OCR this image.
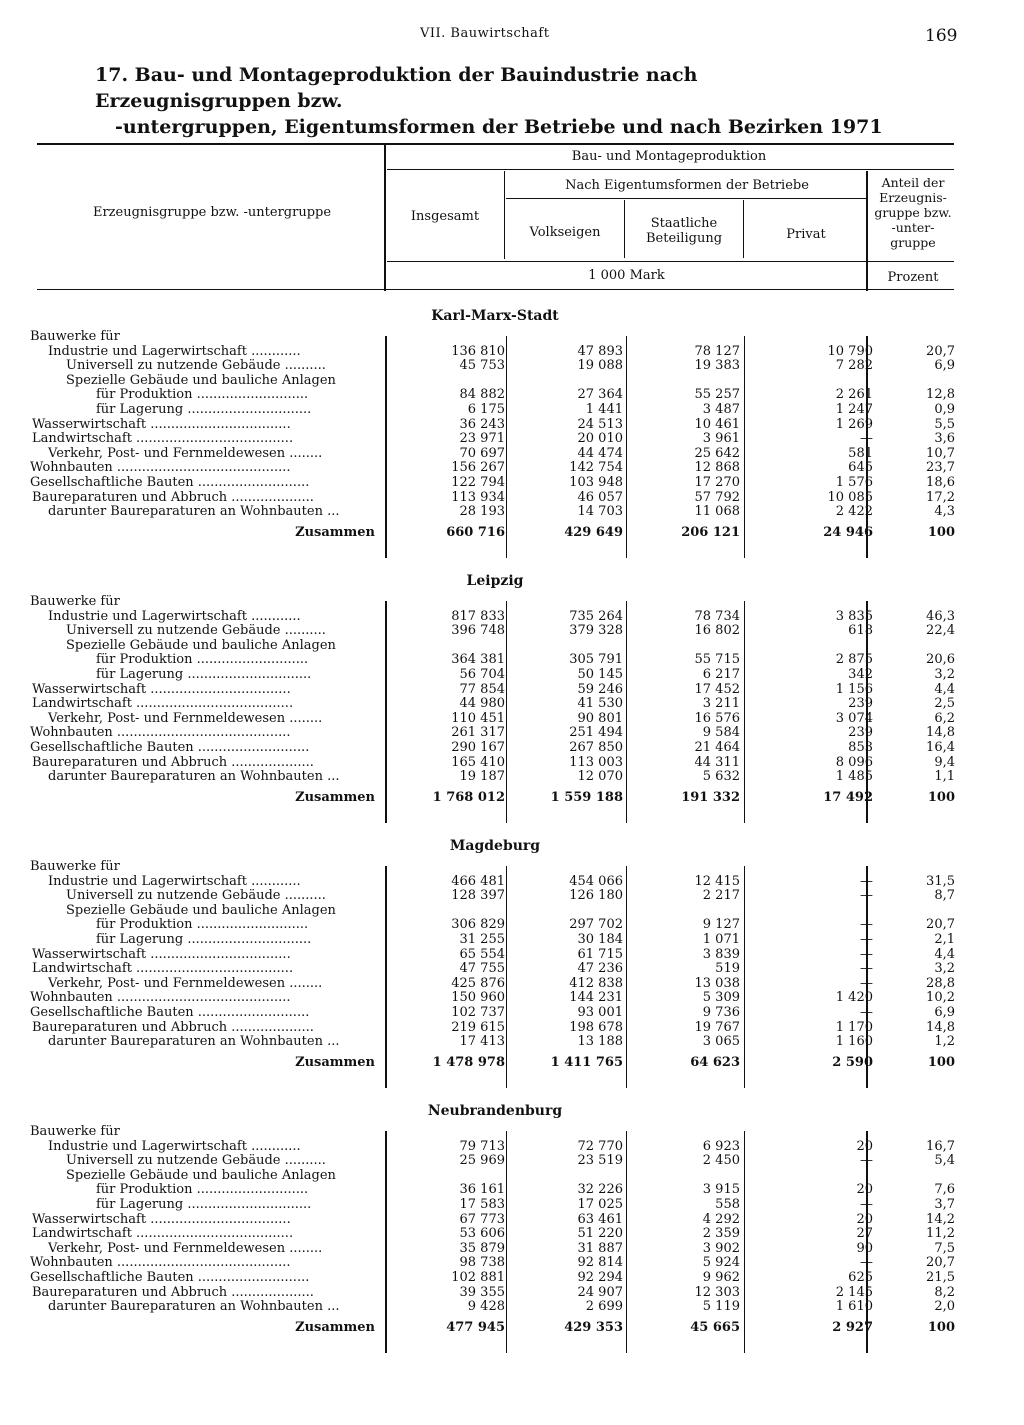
VII. Bauwirtschaft	169
17. Bau- und Montageproduktion der Bauindustrie nach Erzeugnisgruppen bzw.
-untergruppen, Eigentumsformen der Betriebe und nach Bezirken 1971
Erzeugnisgruppe bzw. -untergruppe
Bau- und Montageproduktion
Insgesamt
Nach Eigentumsformen der Betriebe
Volkseigen
Staatliche Beteiligung	Privat
Anteil der Erzeugnis- gruppe bzw. -unter- gruppe
1 000 Mark	Prozent
Karl-Marx-Stadt
Bauwerke für
Industrie und Lagerwirtschaft ............	136 810	47 893	78 127	10 790	20,7
Universell zu nutzende Gebäude ..........	45 753	19 088	19 383	7 282	6,9
Spezielle Gebäude und bauliche Anlagen
für Produktion ...........................	84 882	27 364	55 257	2 261	12,8
für Lagerung ..............................	6 175	1 441	3 487	1 247	0,9
Wasserwirtschaft ..................................	36 243	24 513	10 461	1 269	5,5
Landwirtschaft ......................................	23 971	20 010	3 961	—	3,6
Verkehr, Post- und Fernmeldewesen ........	70 697	44 474	25 642	581	10,7
Wohnbauten ..........................................	156 267	142 754	12 868	645	23,7
Gesellschaftliche Bauten ...........................	122 794	103 948	17 270	1 576	18,6
Baureparaturen und Abbruch ....................	113 934	46 057	57 792	10 085	17,2
darunter Baureparaturen an Wohnbauten ...	28 193	14 703	11 068	2 422	4,3
Zusammen	660 716	429 649	206 121	24 946	100
Leipzig
Bauwerke für
Industrie und Lagerwirtschaft ............	817 833	735 264	78 734	3 835	46,3
Universell zu nutzende Gebäude ..........	396 748	379 328	16 802	618	22,4
Spezielle Gebäude und bauliche Anlagen
für Produktion ...........................	364 381	305 791	55 715	2 875	20,6
für Lagerung ..............................	56 704	50 145	6 217	342	3,2
Wasserwirtschaft ..................................	77 854	59 246	17 452	1 156	4,4
Landwirtschaft ......................................	44 980	41 530	3 211	239	2,5
Verkehr, Post- und Fernmeldewesen ........	110 451	90 801	16 576	3 074	6,2
Wohnbauten ..........................................	261 317	251 494	9 584	239	14,8
Gesellschaftliche Bauten ...........................	290 167	267 850	21 464	853	16,4
Baureparaturen und Abbruch ....................	165 410	113 003	44 311	8 096	9,4
darunter Baureparaturen an Wohnbauten ...	19 187	12 070	5 632	1 485	1,1
Zusammen	1 768 012	1 559 188	191 332	17 492	100
Magdeburg
Bauwerke für
Industrie und Lagerwirtschaft ............	466 481	454 066	12 415	—	31,5
Universell zu nutzende Gebäude ..........	128 397	126 180	2 217	—	8,7
Spezielle Gebäude und bauliche Anlagen
für Produktion ...........................	306 829	297 702	9 127	—	20,7
für Lagerung ..............................	31 255	30 184	1 071	—	2,1
Wasserwirtschaft ..................................	65 554	61 715	3 839	—	4,4
Landwirtschaft ......................................	47 755	47 236	519	—	3,2
Verkehr, Post- und Fernmeldewesen ........	425 876	412 838	13 038	—	28,8
Wohnbauten ..........................................	150 960	144 231	5 309	1 420	10,2
Gesellschaftliche Bauten ...........................	102 737	93 001	9 736	—	6,9
Baureparaturen und Abbruch ....................	219 615	198 678	19 767	1 170	14,8
darunter Baureparaturen an Wohnbauten ...	17 413	13 188	3 065	1 160	1,2
Zusammen	1 478 978	1 411 765	64 623	2 590	100
Neubrandenburg
Bauwerke für
Industrie und Lagerwirtschaft ............	79 713	72 770	6 923	20	16,7
Universell zu nutzende Gebäude ..........	25 969	23 519	2 450	—	5,4
Spezielle Gebäude und bauliche Anlagen
für Produktion ...........................	36 161	32 226	3 915	20	7,6
für Lagerung ..............................	17 583	17 025	558	—	3,7
Wasserwirtschaft ..................................	67 773	63 461	4 292	20	14,2
Landwirtschaft ......................................	53 606	51 220	2 359	27	11,2
Verkehr, Post- und Fernmeldewesen ........	35 879	31 887	3 902	90	7,5
Wohnbauten ..........................................	98 738	92 814	5 924	—	20,7
Gesellschaftliche Bauten ...........................	102 881	92 294	9 962	625	21,5
Baureparaturen und Abbruch ....................	39 355	24 907	12 303	2 145	8,2
darunter Baureparaturen an Wohnbauten ...	9 428	2 699	5 119	1 610	2,0
Zusammen	477 945	429 353	45 665	2 927	100
